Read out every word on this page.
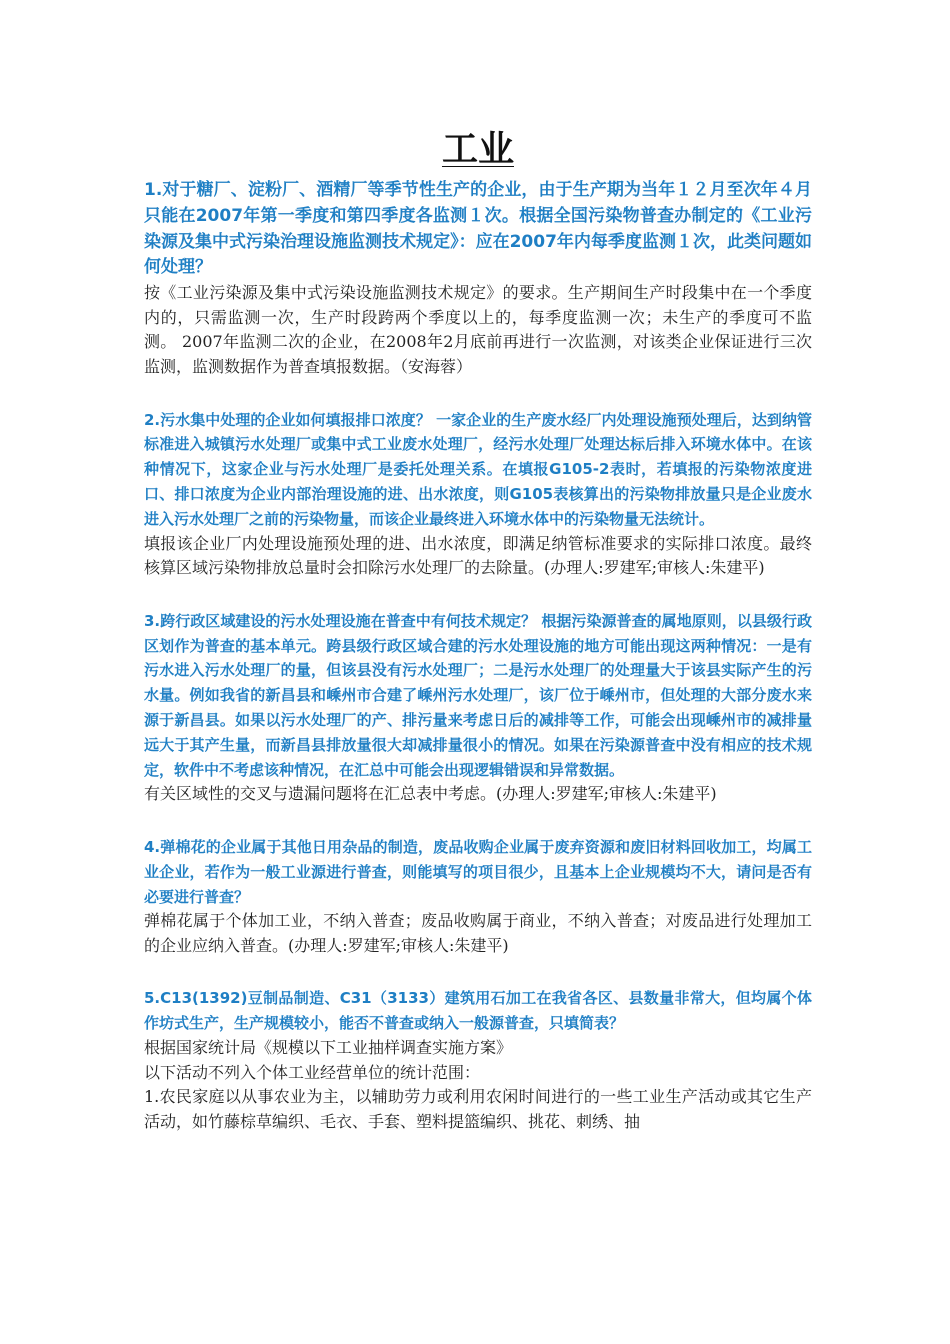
工业

1.对于糖厂、淀粉厂、酒精厂等季节性生产的企业，由于生产期为当年１２月至次年４月只能在2007年第一季度和第四季度各监测１次。根据全国污染物普查办制定的《工业污染源及集中式污染治理设施监测技术规定》：应在2007年内每季度监测１次，此类问题如何处理？

按《工业污染源及集中式污染设施监测技术规定》的要求。生产期间生产时段集中在一个季度内的，只需监测一次，生产时段跨两个季度以上的，每季度监测一次；未生产的季度可不监测。 2007年监测二次的企业，在2008年2月底前再进行一次监测，对该类企业保证进行三次监测，监测数据作为普查填报数据。（安海蓉）

2.污水集中处理的企业如何填报排口浓度？ 一家企业的生产废水经厂内处理设施预处理后，达到纳管标准进入城镇污水处理厂或集中式工业废水处理厂，经污水处理厂处理达标后排入环境水体中。在该种情况下，这家企业与污水处理厂是委托处理关系。在填报G105-2表时，若填报的污染物浓度进口、排口浓度为企业内部治理设施的进、出水浓度，则G105表核算出的污染物排放量只是企业废水进入污水处理厂之前的污染物量，而该企业最终进入环境水体中的污染物量无法统计。

填报该企业厂内处理设施预处理的进、出水浓度，即满足纳管标准要求的实际排口浓度。最终核算区域污染物排放总量时会扣除污水处理厂的去除量。(办理人:罗建军;审核人:朱建平)

3.跨行政区域建设的污水处理设施在普查中有何技术规定？ 根据污染源普查的属地原则，以县级行政区划作为普查的基本单元。跨县级行政区域合建的污水处理设施的地方可能出现这两种情况：一是有污水进入污水处理厂的量，但该县没有污水处理厂；二是污水处理厂的处理量大于该县实际产生的污水量。例如我省的新昌县和嵊州市合建了嵊州污水处理厂，该厂位于嵊州市，但处理的大部分废水来源于新昌县。如果以污水处理厂的产、排污量来考虑日后的减排等工作，可能会出现嵊州市的减排量远大于其产生量，而新昌县排放量很大却减排量很小的情况。如果在污染源普查中没有相应的技术规定，软件中不考虑该种情况，在汇总中可能会出现逻辑错误和异常数据。

有关区域性的交叉与遗漏问题将在汇总表中考虑。(办理人:罗建军;审核人:朱建平)

4.弹棉花的企业属于其他日用杂品的制造，废品收购企业属于废弃资源和废旧材料回收加工，均属工业企业，若作为一般工业源进行普查，则能填写的项目很少，且基本上企业规模均不大，请问是否有必要进行普查？

弹棉花属于个体加工业，不纳入普查；废品收购属于商业，不纳入普查；对废品进行处理加工的企业应纳入普查。(办理人:罗建军;审核人:朱建平)

5.C13(1392)豆制品制造、C31（3133）建筑用石加工在我省各区、县数量非常大，但均属个体作坊式生产，生产规模较小，能否不普查或纳入一般源普查，只填简表？

根据国家统计局《规模以下工业抽样调查实施方案》

以下活动不列入个体工业经营单位的统计范围：

1.农民家庭以从事农业为主，以辅助劳力或利用农闲时间进行的一些工业生产活动或其它生产活动，如竹藤棕草编织、毛衣、手套、塑料提篮编织、挑花、刺绣、抽
